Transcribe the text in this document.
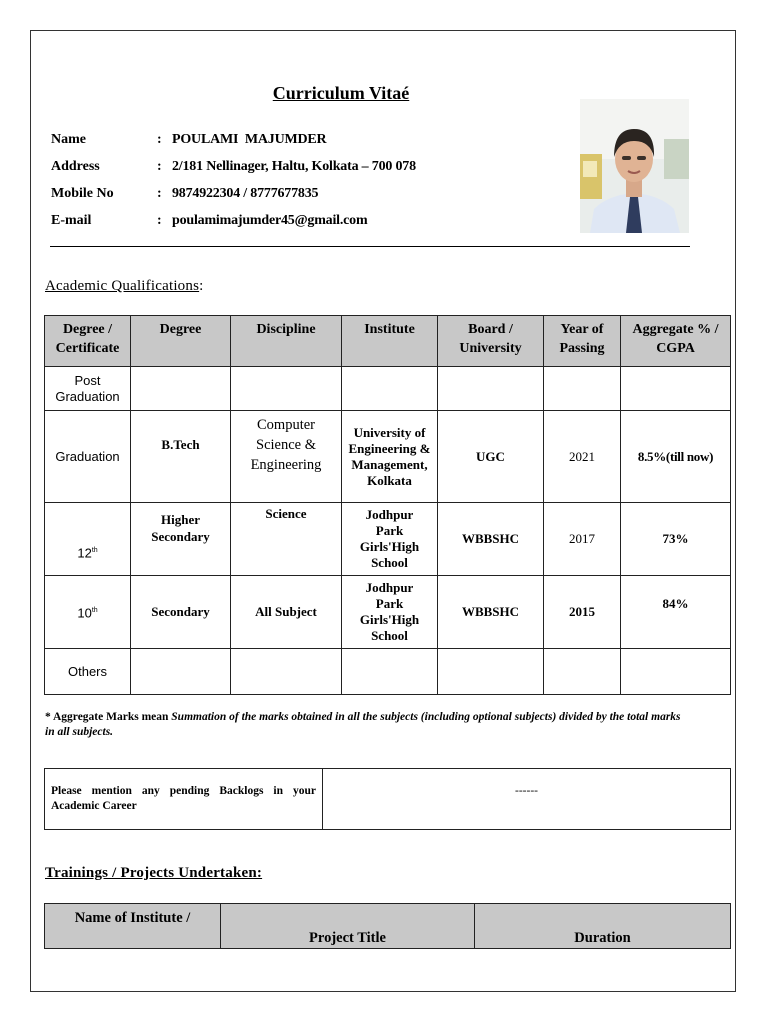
Curriculum Vitaé
Name	: POULAMI  MAJUMDER
Address	: 2/181 Nellinager, Haltu, Kolkata – 700 078
Mobile No	: 9874922304 / 8777677835
E-mail	: poulamimajumder45@gmail.com
Academic Qualifications:
Degree / Certificate	Degree	Discipline	Institute	Board / University	Year of Passing	Aggregate % / CGPA
Post Graduation						
Graduation	B.Tech	Computer Science & Engineering	University of Engineering & Management, Kolkata	UGC	2021	8.5%(till now)
12th	Higher Secondary	Science	Jodhpur Park Girls'High School	WBBSHC	2017	73%
10th	Secondary	All Subject	Jodhpur Park Girls'High School	WBBSHC	2015	84%
Others						
* Aggregate Marks mean Summation of the marks obtained in all the subjects (including optional subjects) divided by the total marks in all subjects.
Please mention any pending Backlogs in your Academic Career	------
Trainings / Projects Undertaken:
Name of Institute /	Project Title	Duration
